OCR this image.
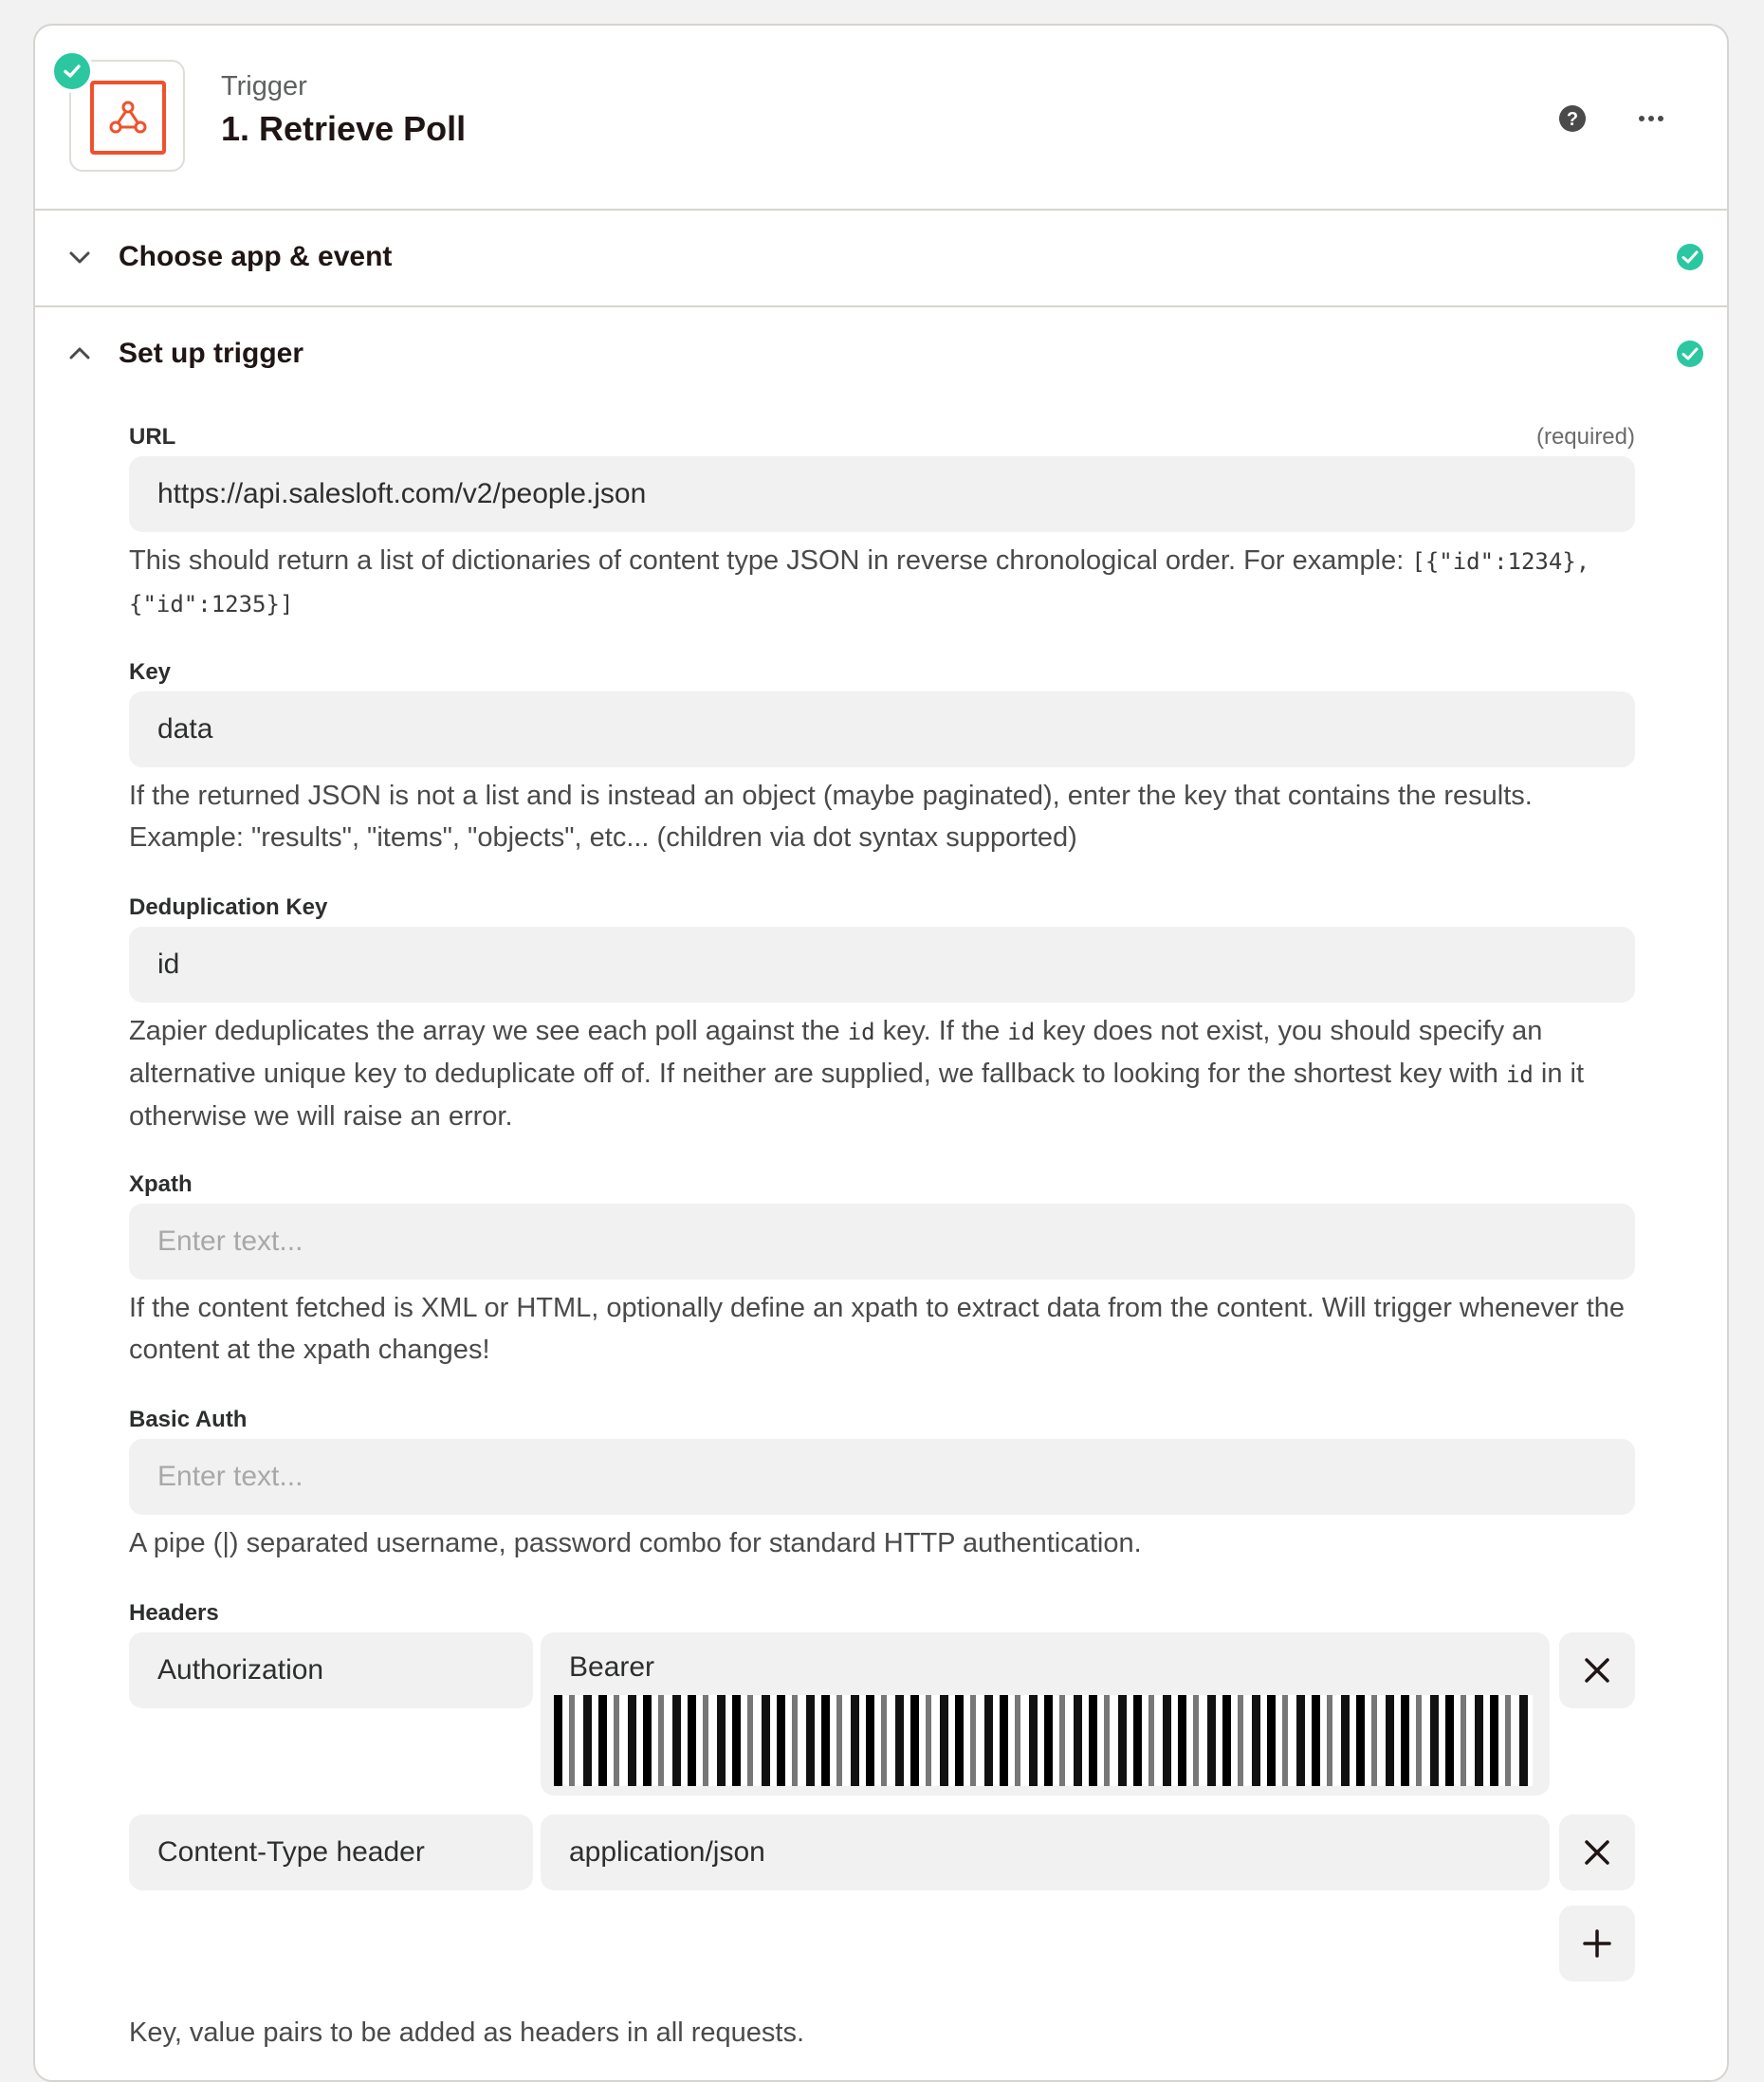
Trigger
1. Retrieve Poll	?
Choose app & event
Set up trigger
URL	(required)
https://api.salesloft.com/v2/people.json
This should return a list of dictionaries of content type JSON in reverse chronological order. For example: [{"id":1234}, {"id":1235}]
Key
data
If the returned JSON is not a list and is instead an object (maybe paginated), enter the key that contains the results. Example: "results", "items", "objects", etc... (children via dot syntax supported)
Deduplication Key
id
Zapier deduplicates the array we see each poll against the id key. If the id key does not exist, you should specify an alternative unique key to deduplicate off of. If neither are supplied, we fallback to looking for the shortest key with id in it otherwise we will raise an error.
Xpath
Enter text...
If the content fetched is XML or HTML, optionally define an xpath to extract data from the content. Will trigger whenever the content at the xpath changes!
Basic Auth
Enter text...
A pipe (|) separated username, password combo for standard HTTP authentication.
Headers
Authorization	Bearer
Content-Type header	application/json
Key, value pairs to be added as headers in all requests.
